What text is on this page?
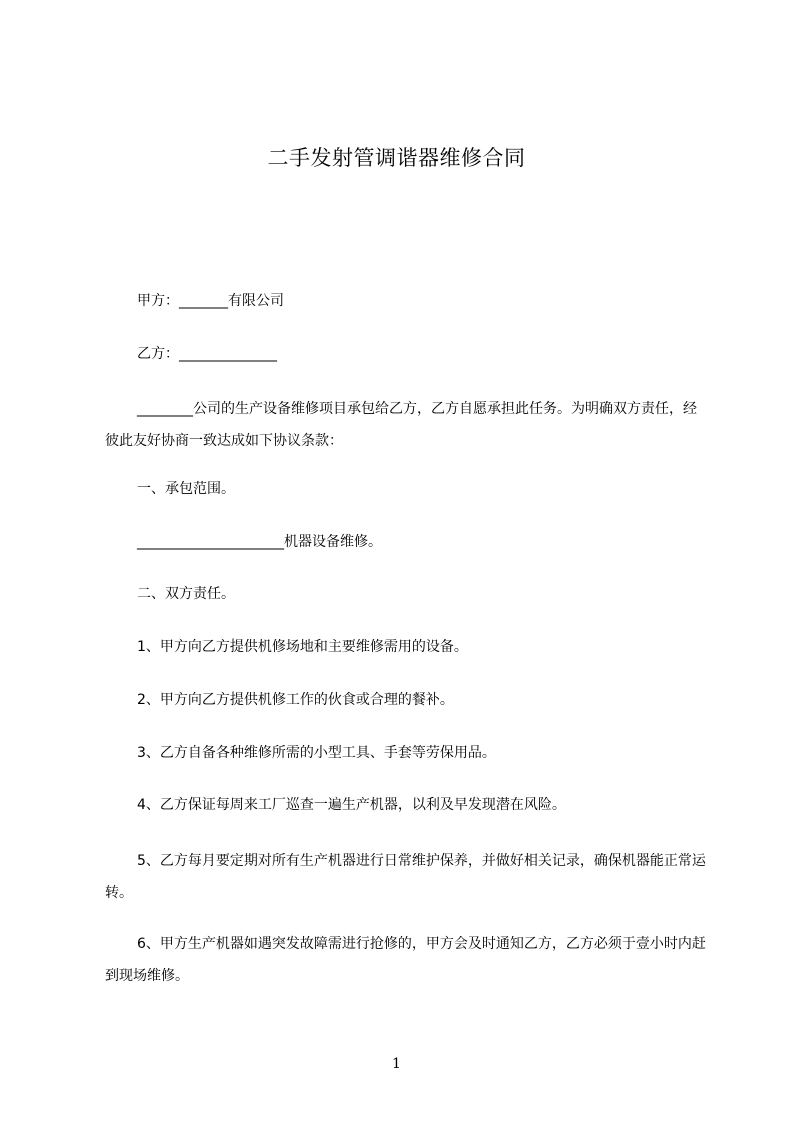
二手发射管调谐器维修合同
甲方：_______有限公司
乙方：______________
________公司的生产设备维修项目承包给乙方，乙方自愿承担此任务。为明确双方责任，经彼此友好协商一致达成如下协议条款：
一、承包范围。
_____________________机器设备维修。
二、双方责任。
1、甲方向乙方提供机修场地和主要维修需用的设备。
2、甲方向乙方提供机修工作的伙食或合理的餐补。
3、乙方自备各种维修所需的小型工具、手套等劳保用品。
4、乙方保证每周来工厂巡查一遍生产机器，以利及早发现潜在风险。
5、乙方每月要定期对所有生产机器进行日常维护保养，并做好相关记录，确保机器能正常运转。
6、甲方生产机器如遇突发故障需进行抢修的，甲方会及时通知乙方，乙方必须于壹小时内赶到现场维修。
1
